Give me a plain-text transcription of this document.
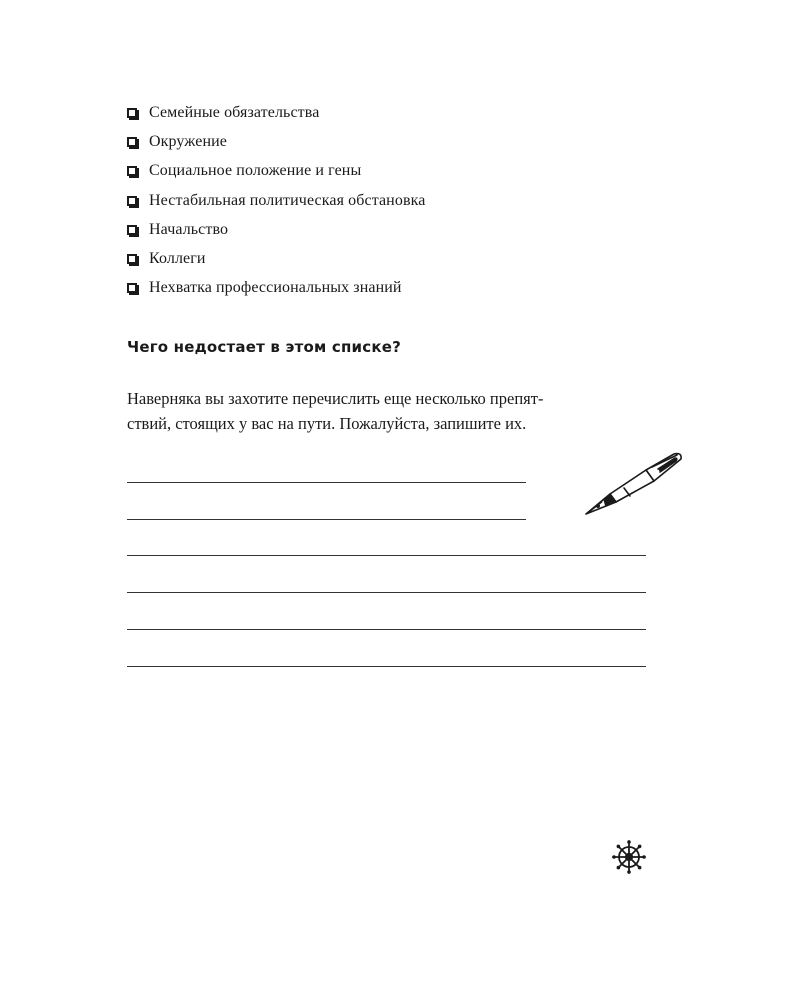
Семейные обязательства
Окружение
Социальное положение и гены
Нестабильная политическая обстановка
Начальство
Коллеги
Нехватка профессиональных знаний
Чего недостает в этом списке?
Наверняка вы захотите перечислить еще несколько препят-
ствий, стоящих у вас на пути. Пожалуйста, запишите их.
